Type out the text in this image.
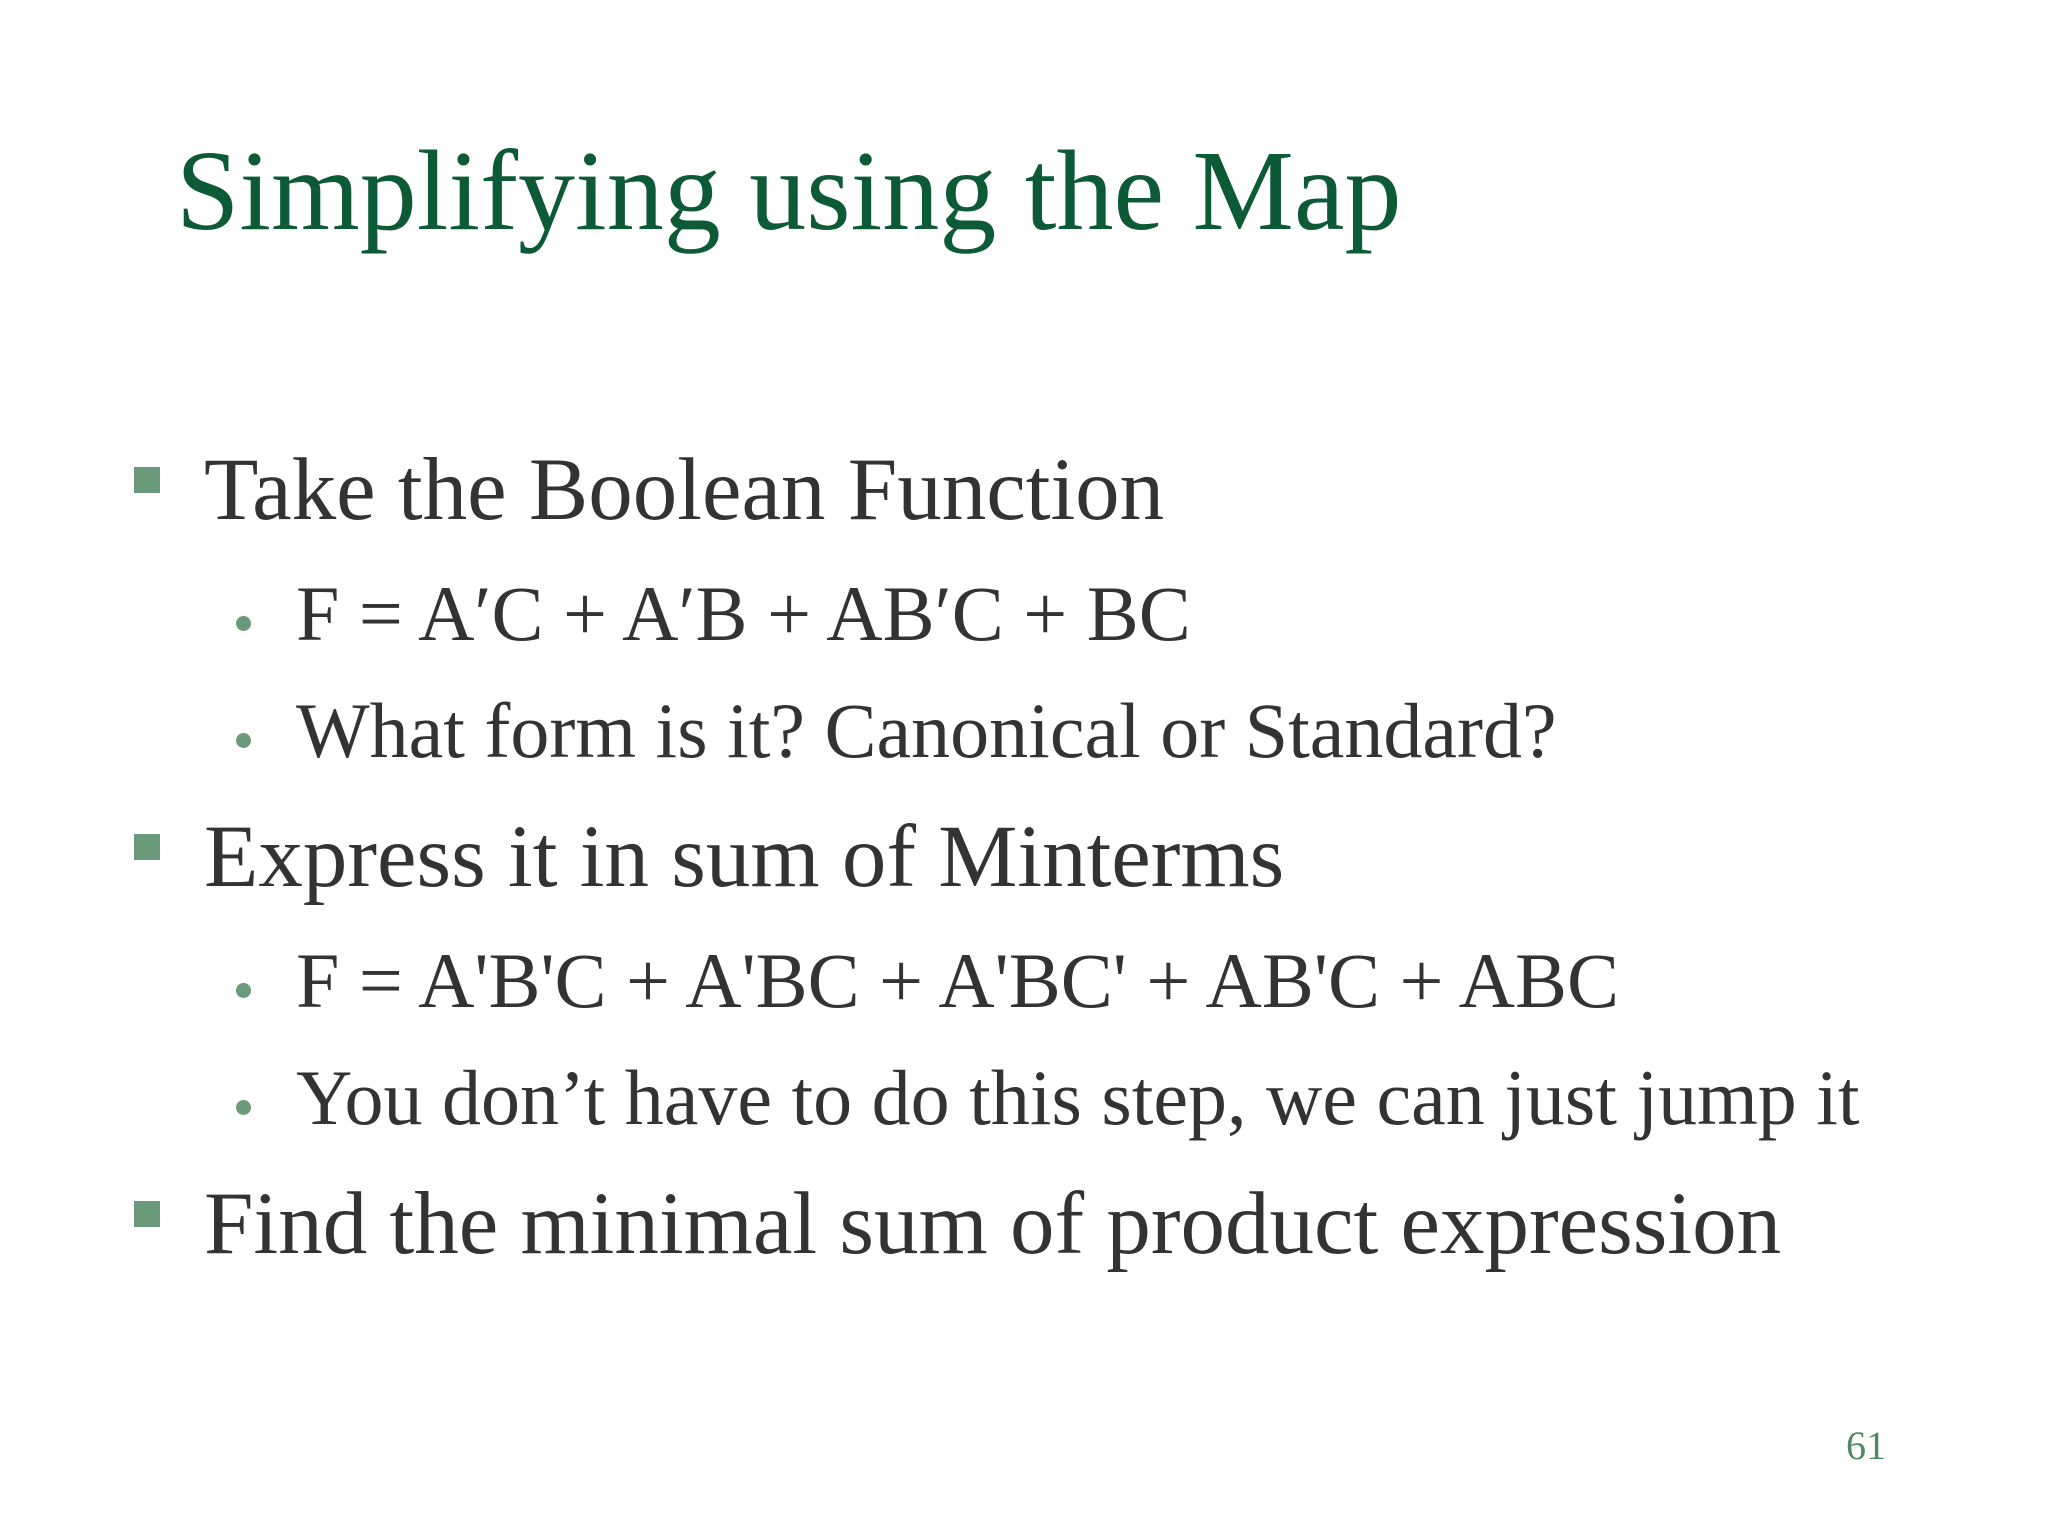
Simplifying using the Map
Take the Boolean Function
F = A′C + A′B + AB′C + BC
What form is it? Canonical or Standard?
Express it in sum of Minterms
F = A'B'C + A'BC + A'BC' + AB'C + ABC
You don’t have to do this step, we can just jump it
Find the minimal sum of product expression
61
